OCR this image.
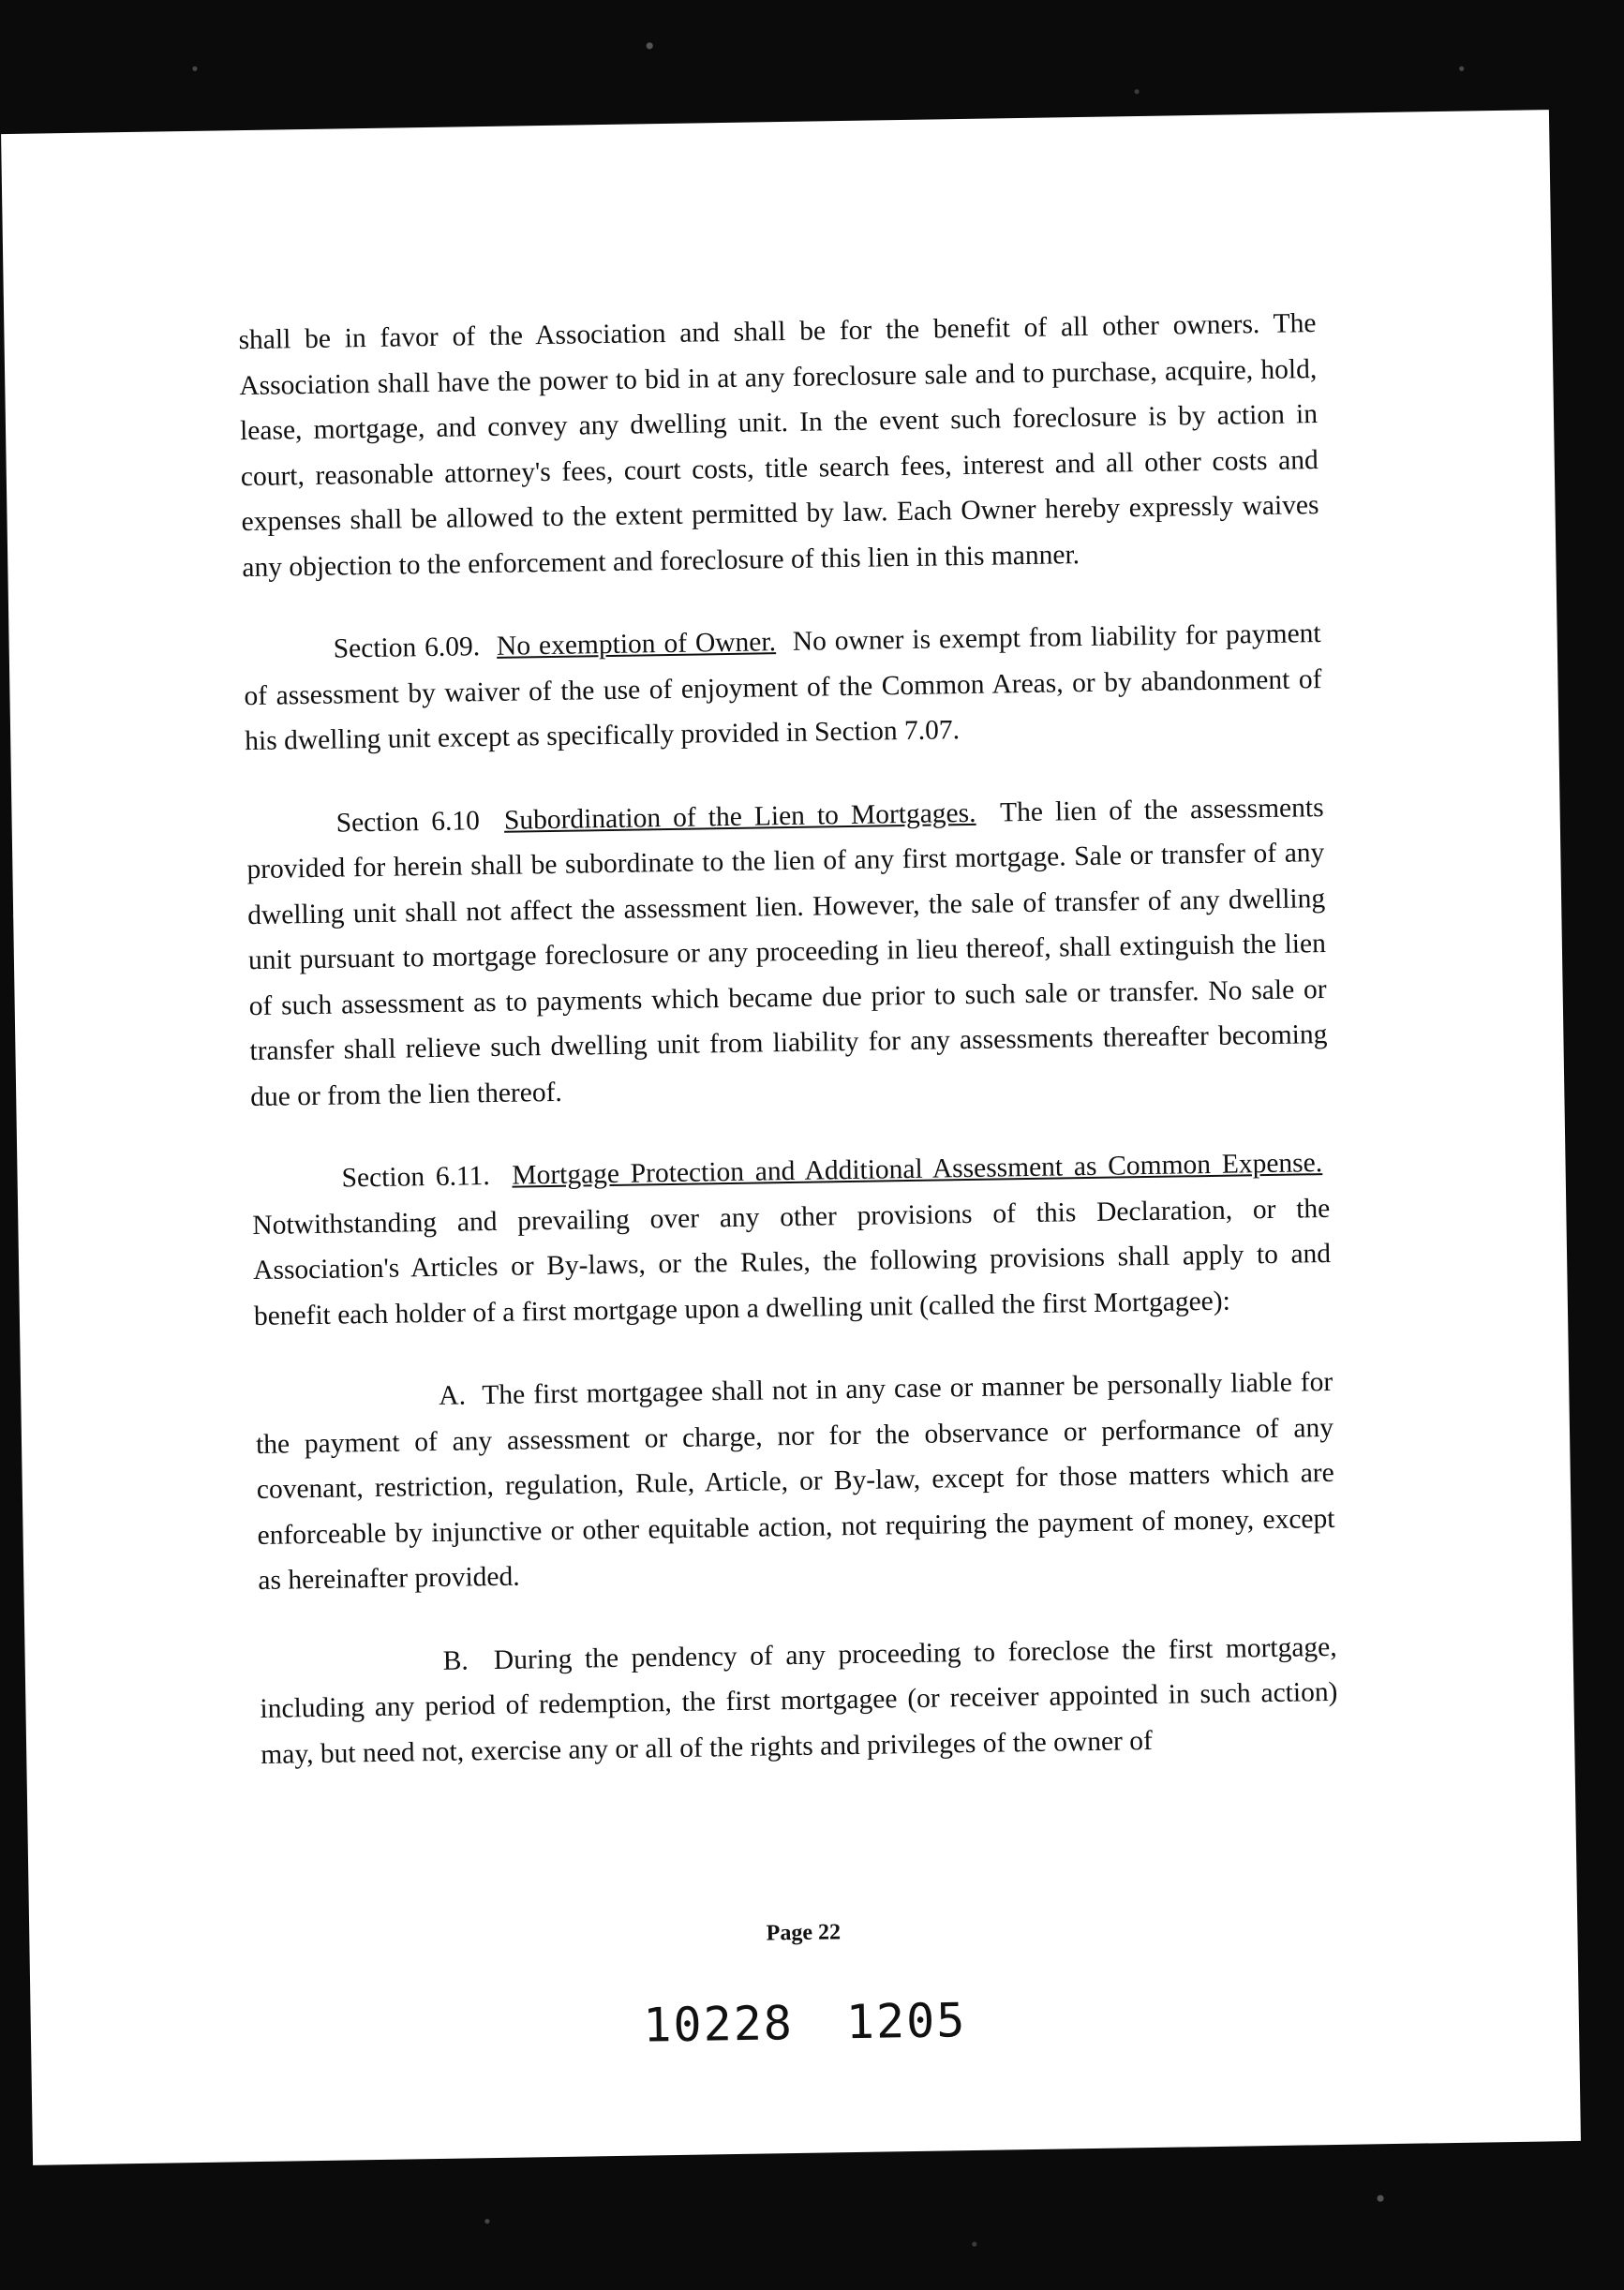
shall be in favor of the Association and shall be for the benefit of all other owners. The Association shall have the power to bid in at any foreclosure sale and to purchase, acquire, hold, lease, mortgage, and convey any dwelling unit. In the event such foreclosure is by action in court, reasonable attorney's fees, court costs, title search fees, interest and all other costs and expenses shall be allowed to the extent permitted by law. Each Owner hereby expressly waives any objection to the enforcement and foreclosure of this lien in this manner.

Section 6.09. No exemption of Owner. No owner is exempt from liability for payment of assessment by waiver of the use of enjoyment of the Common Areas, or by abandonment of his dwelling unit except as specifically provided in Section 7.07.

Section 6.10 Subordination of the Lien to Mortgages. The lien of the assessments provided for herein shall be subordinate to the lien of any first mortgage. Sale or transfer of any dwelling unit shall not affect the assessment lien. However, the sale of transfer of any dwelling unit pursuant to mortgage foreclosure or any proceeding in lieu thereof, shall extinguish the lien of such assessment as to payments which became due prior to such sale or transfer. No sale or transfer shall relieve such dwelling unit from liability for any assessments thereafter becoming due or from the lien thereof.

Section 6.11. Mortgage Protection and Additional Assessment as Common Expense.  Notwithstanding and prevailing over any other provisions of this Declaration, or the Association's Articles or By-laws, or the Rules, the following provisions shall apply to and benefit each holder of a first mortgage upon a dwelling unit (called the first Mortgagee):

A. The first mortgagee shall not in any case or manner be personally liable for the payment of any assessment or charge, nor for the observance or performance of any covenant, restriction, regulation, Rule, Article, or By-law, except for those matters which are enforceable by injunctive or other equitable action, not requiring the payment of money, except as hereinafter provided.

B. During the pendency of any proceeding to foreclose the first mortgage, including any period of redemption, the first mortgagee (or receiver appointed in such action) may, but need not, exercise any or all of the rights and privileges of the owner of

Page 22
10228 1205
